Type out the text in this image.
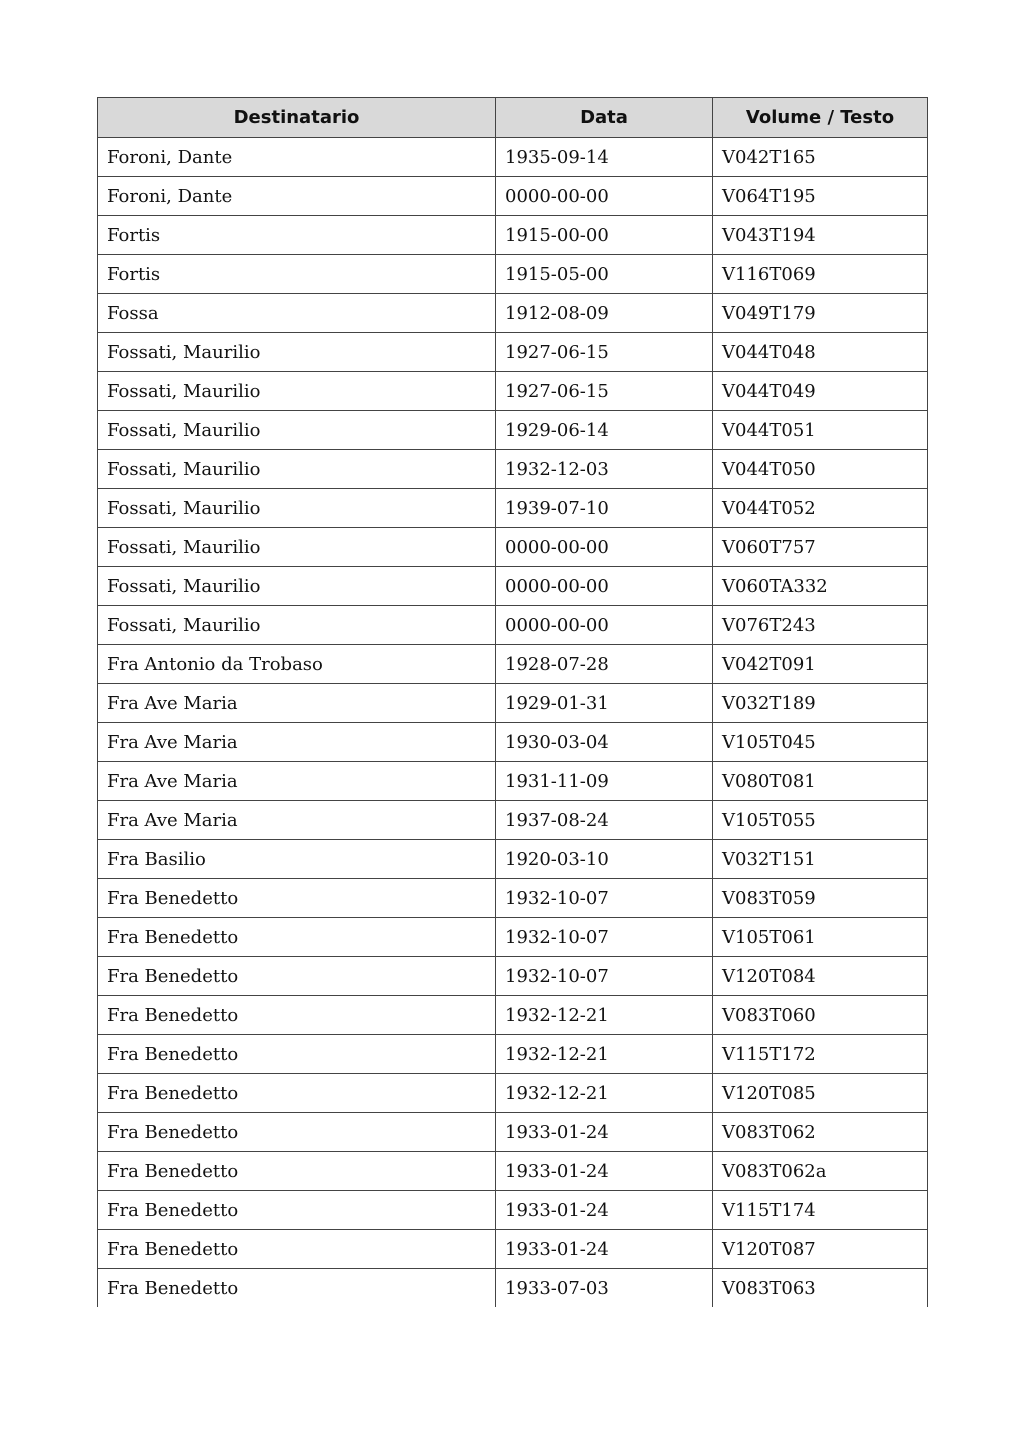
Destinatario	Data	Volume / Testo
Foroni, Dante	1935-09-14	V042T165
Foroni, Dante	0000-00-00	V064T195
Fortis	1915-00-00	V043T194
Fortis	1915-05-00	V116T069
Fossa	1912-08-09	V049T179
Fossati, Maurilio	1927-06-15	V044T048
Fossati, Maurilio	1927-06-15	V044T049
Fossati, Maurilio	1929-06-14	V044T051
Fossati, Maurilio	1932-12-03	V044T050
Fossati, Maurilio	1939-07-10	V044T052
Fossati, Maurilio	0000-00-00	V060T757
Fossati, Maurilio	0000-00-00	V060TA332
Fossati, Maurilio	0000-00-00	V076T243
Fra Antonio da Trobaso	1928-07-28	V042T091
Fra Ave Maria	1929-01-31	V032T189
Fra Ave Maria	1930-03-04	V105T045
Fra Ave Maria	1931-11-09	V080T081
Fra Ave Maria	1937-08-24	V105T055
Fra Basilio	1920-03-10	V032T151
Fra Benedetto	1932-10-07	V083T059
Fra Benedetto	1932-10-07	V105T061
Fra Benedetto	1932-10-07	V120T084
Fra Benedetto	1932-12-21	V083T060
Fra Benedetto	1932-12-21	V115T172
Fra Benedetto	1932-12-21	V120T085
Fra Benedetto	1933-01-24	V083T062
Fra Benedetto	1933-01-24	V083T062a
Fra Benedetto	1933-01-24	V115T174
Fra Benedetto	1933-01-24	V120T087
Fra Benedetto	1933-07-03	V083T063
